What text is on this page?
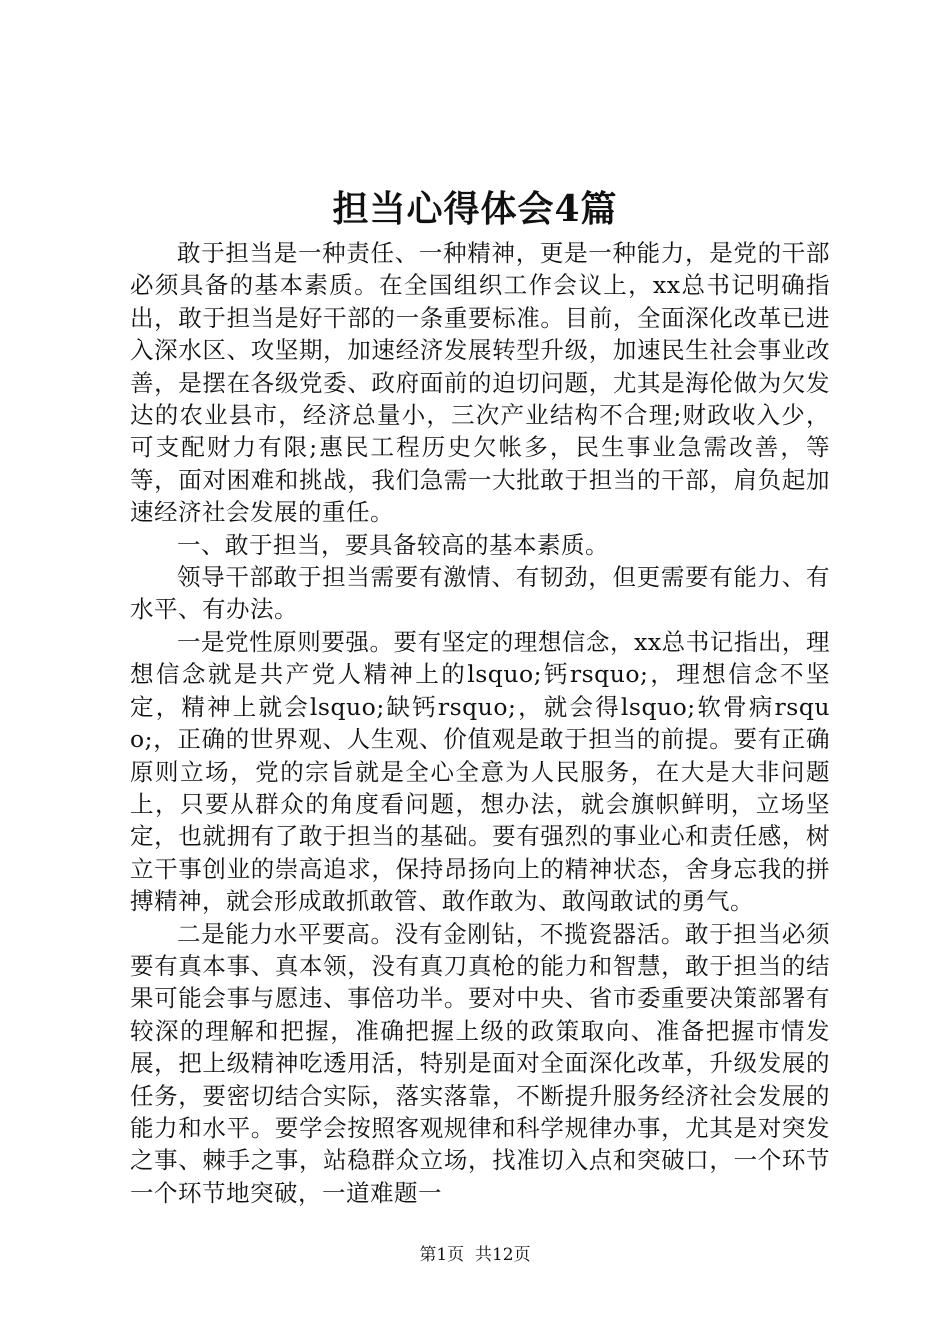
担当心得体会4篇

敢于担当是一种责任、一种精神，更是一种能力，是党的干部必须具备的基本素质。在全国组织工作会议上，xx总书记明确指出，敢于担当是好干部的一条重要标准。目前，全面深化改革已进入深水区、攻坚期，加速经济发展转型升级，加速民生社会事业改善，是摆在各级党委、政府面前的迫切问题，尤其是海伦做为欠发达的农业县市，经济总量小，三次产业结构不合理;财政收入少，可支配财力有限;惠民工程历史欠帐多，民生事业急需改善，等等，面对困难和挑战，我们急需一大批敢于担当的干部，肩负起加速经济社会发展的重任。

一、敢于担当，要具备较高的基本素质。

领导干部敢于担当需要有激情、有韧劲，但更需要有能力、有水平、有办法。

一是党性原则要强。要有坚定的理想信念，xx总书记指出，理想信念就是共产党人精神上的lsquo;钙rsquo;，理想信念不坚定，精神上就会lsquo;缺钙rsquo;，就会得lsquo;软骨病rsquo;，正确的世界观、人生观、价值观是敢于担当的前提。要有正确原则立场，党的宗旨就是全心全意为人民服务，在大是大非问题上，只要从群众的角度看问题，想办法，就会旗帜鲜明，立场坚定，也就拥有了敢于担当的基础。要有强烈的事业心和责任感，树立干事创业的崇高追求，保持昂扬向上的精神状态，舍身忘我的拼搏精神，就会形成敢抓敢管、敢作敢为、敢闯敢试的勇气。

二是能力水平要高。没有金刚钻，不揽瓷器活。敢于担当必须要有真本事、真本领，没有真刀真枪的能力和智慧，敢于担当的结果可能会事与愿违、事倍功半。要对中央、省市委重要决策部署有较深的理解和把握，准确把握上级的政策取向、准备把握市情发展，把上级精神吃透用活，特别是面对全面深化改革，升级发展的任务，要密切结合实际，落实落靠，不断提升服务经济社会发展的能力和水平。要学会按照客观规律和科学规律办事，尤其是对突发之事、棘手之事，站稳群众立场，找准切入点和突破口，一个环节一个环节地突破，一道难题一

第1页  共12页
